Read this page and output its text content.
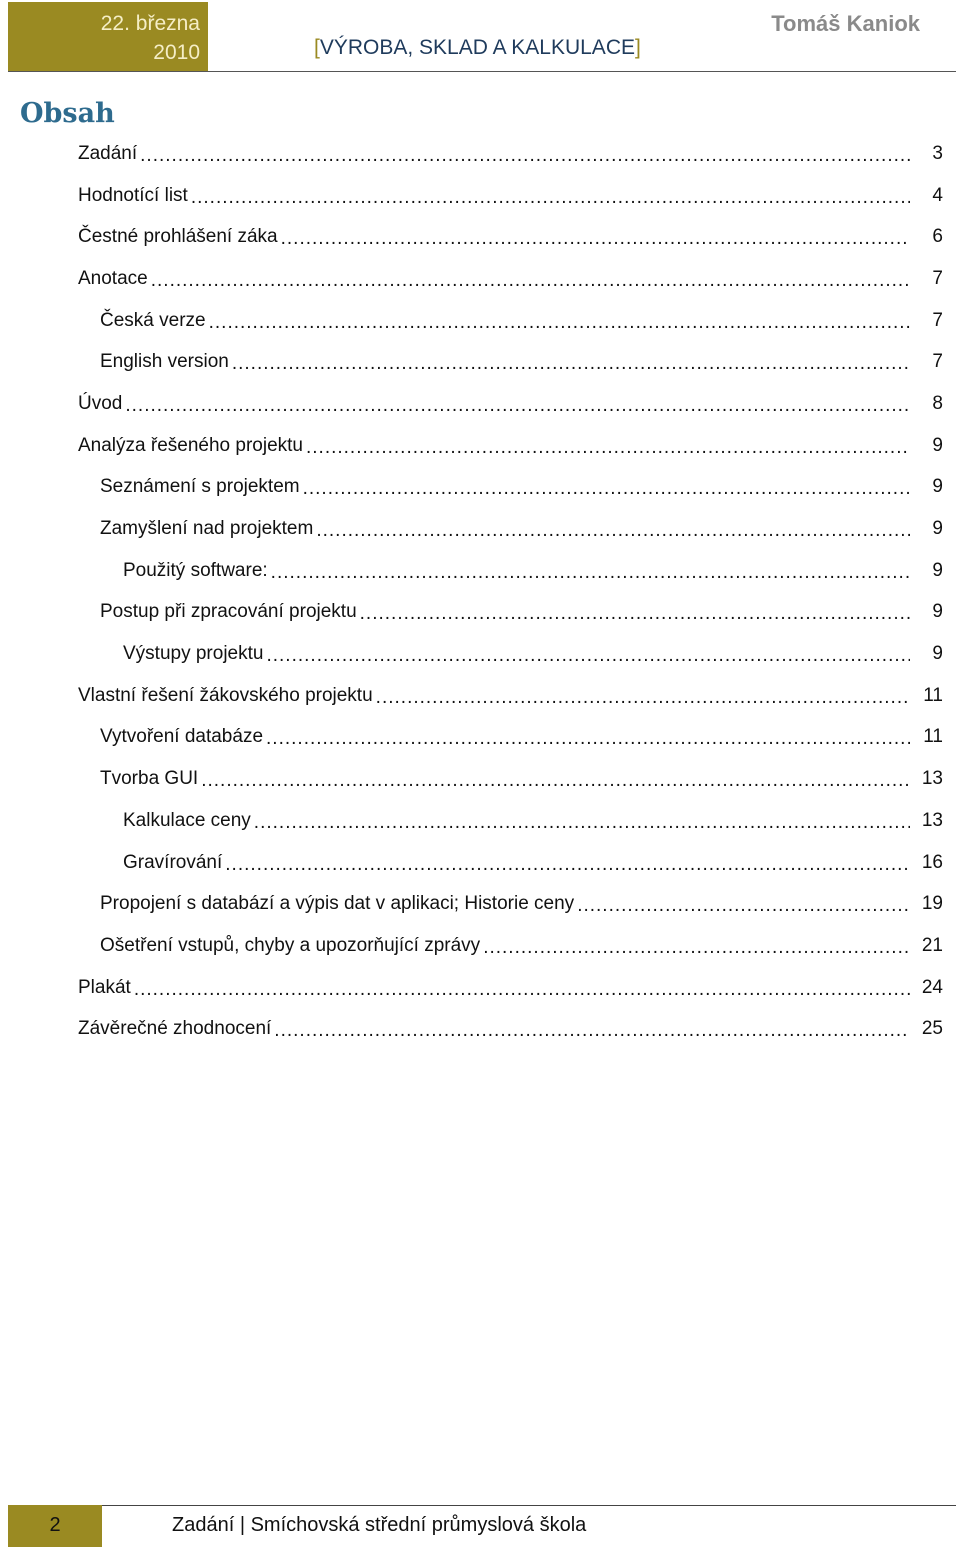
22. března
2010	[VÝROBA, SKLAD A KALKULACE]
Tomáš Kaniok
Obsah
Zadání .....	3
Hodnotící list .....	4
Čestné prohlášení záka .....	6
Anotace .....	7
Česká verze .....	7
English version .....	7
Úvod .....	8
Analýza řešeného projektu .....	9
Seznámení s projektem .....	9
Zamyšlení nad projektem .....	9
Použitý software: .....	9
Postup při zpracování projektu .....	9
Výstupy projektu .....	9
Vlastní řešení žákovského projektu .....	11
Vytvoření databáze .....	11
Tvorba GUI .....	13
Kalkulace ceny .....	13
Gravírování .....	16
Propojení s databází a výpis dat v aplikaci; Historie ceny .....	19
Ošetření vstupů, chyby a upozorňující zprávy .....	21
Plakát .....	24
Závěrečné zhodnocení .....	25
2	Zadání | Smíchovská střední průmyslová škola
